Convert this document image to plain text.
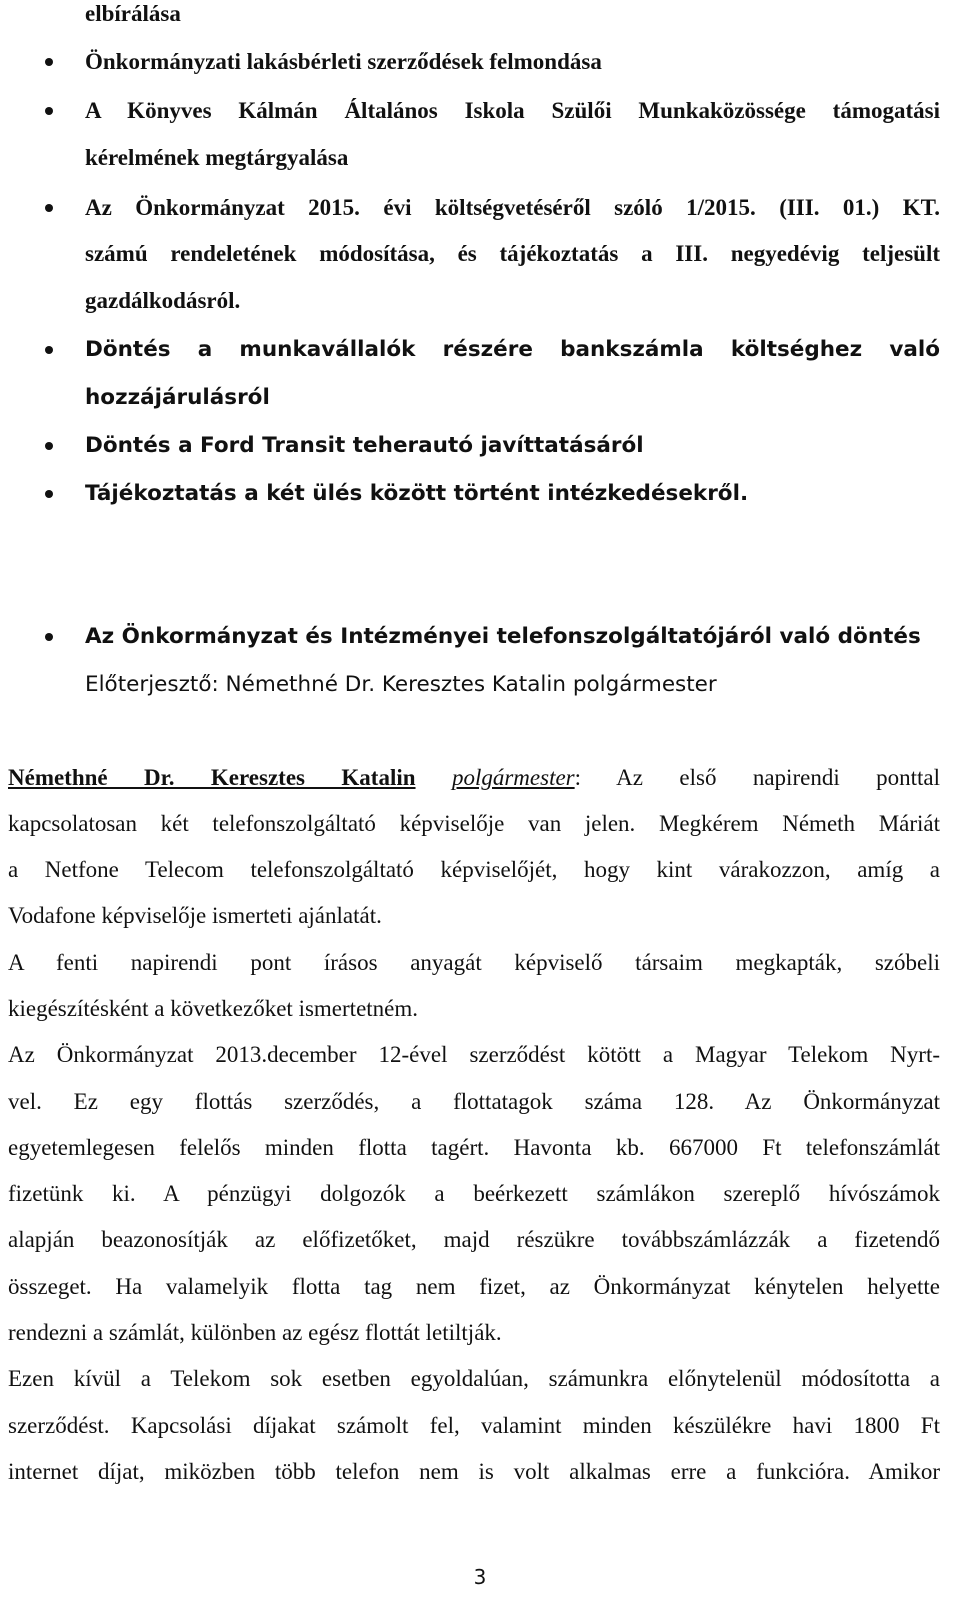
elbírálása
Önkormányzati lakásbérleti szerződések felmondása
A Könyves Kálmán Általános Iskola Szülői Munkaközössége támogatási
kérelmének megtárgyalása
Az Önkormányzat 2015. évi költségvetéséről szóló 1/2015. (III. 01.) KT.
számú rendeletének módosítása, és tájékoztatás a III. negyedévig teljesült
gazdálkodásról.
Döntés a munkavállalók részére bankszámla költséghez való
hozzájárulásról
Döntés a Ford Transit teherautó javíttatásáról
Tájékoztatás a két ülés között történt intézkedésekről.
Az Önkormányzat és Intézményei telefonszolgáltatójáról való döntés
Előterjesztő: Némethné Dr. Keresztes Katalin polgármester
Némethné Dr. Keresztes Katalin polgármester: Az első napirendi ponttal
kapcsolatosan két telefonszolgáltató képviselője van jelen. Megkérem Németh Máriát
a Netfone Telecom telefonszolgáltató képviselőjét, hogy kint várakozzon, amíg a
Vodafone képviselője ismerteti ajánlatát.
A fenti napirendi pont írásos anyagát képviselő társaim megkapták, szóbeli
kiegészítésként a következőket ismertetném.
Az Önkormányzat 2013.december 12-ével szerződést kötött a Magyar Telekom Nyrt-
vel. Ez egy flottás szerződés, a flottatagok száma 128. Az Önkormányzat
egyetemlegesen felelős minden flotta tagért. Havonta kb. 667000 Ft telefonszámlát
fizetünk ki. A pénzügyi dolgozók a beérkezett számlákon szereplő hívószámok
alapján beazonosítják az előfizetőket, majd részükre továbbszámlázzák a fizetendő
összeget. Ha valamelyik flotta tag nem fizet, az Önkormányzat kénytelen helyette
rendezni a számlát, különben az egész flottát letiltják.
Ezen kívül a Telekom sok esetben egyoldalúan, számunkra előnytelenül módosította a
szerződést. Kapcsolási díjakat számolt fel, valamint minden készülékre havi 1800 Ft
internet díjat, miközben több telefon nem is volt alkalmas erre a funkcióra. Amikor
3
